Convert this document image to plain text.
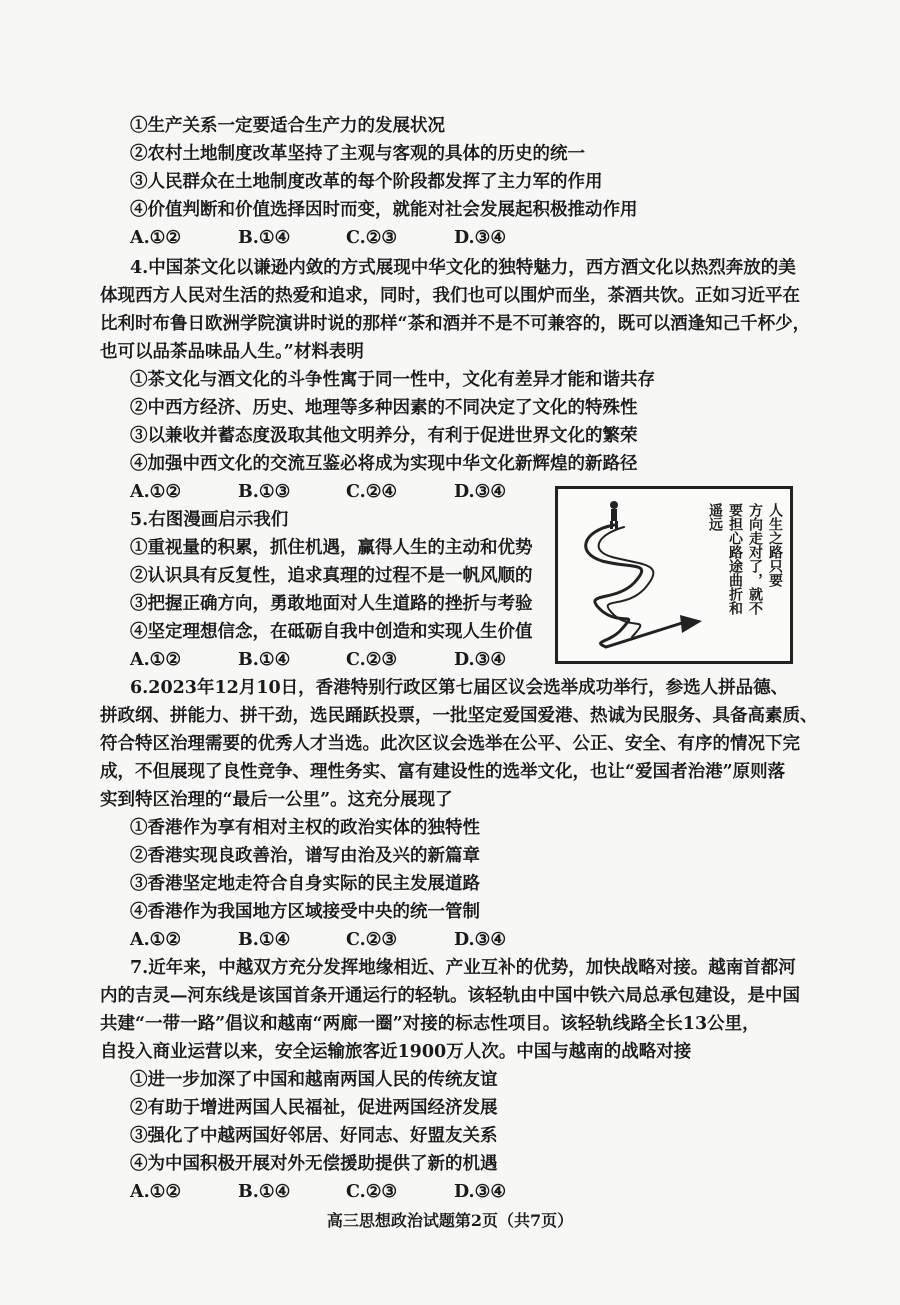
①生产关系一定要适合生产力的发展状况
②农村土地制度改革坚持了主观与客观的具体的历史的统一
③人民群众在土地制度改革的每个阶段都发挥了主力军的作用
④价值判断和价值选择因时而变，就能对社会发展起积极推动作用
A.①②	B.①④	C.②③	D.③④
4.中国茶文化以谦逊内敛的方式展现中华文化的独特魅力，西方酒文化以热烈奔放的美
体现西方人民对生活的热爱和追求，同时，我们也可以围炉而坐，茶酒共饮。正如习近平在
比利时布鲁日欧洲学院演讲时说的那样“茶和酒并不是不可兼容的，既可以酒逢知己千杯少，
也可以品茶品味品人生。”材料表明
①茶文化与酒文化的斗争性寓于同一性中，文化有差异才能和谐共存
②中西方经济、历史、地理等多种因素的不同决定了文化的特殊性
③以兼收并蓄态度汲取其他文明养分，有利于促进世界文化的繁荣
④加强中西文化的交流互鉴必将成为实现中华文化新辉煌的新路径
A.①②	B.①③	C.②④	D.③④
5.右图漫画启示我们
①重视量的积累，抓住机遇，赢得人生的主动和优势
②认识具有反复性，追求真理的过程不是一帆风顺的
③把握正确方向，勇敢地面对人生道路的挫折与考验
④坚定理想信念，在砥砺自我中创造和实现人生价值
A.①②	B.①④	C.②③	D.③④
人生之路只要
方向走对了，就不
要担心路途曲折和
遥远
6.2023年12月10日，香港特别行政区第七届区议会选举成功举行，参选人拼品德、
拼政纲、拼能力、拼干劲，选民踊跃投票，一批坚定爱国爱港、热诚为民服务、具备高素质、
符合特区治理需要的优秀人才当选。此次区议会选举在公平、公正、安全、有序的情况下完
成，不但展现了良性竞争、理性务实、富有建设性的选举文化，也让“爱国者治港”原则落
实到特区治理的“最后一公里”。这充分展现了
①香港作为享有相对主权的政治实体的独特性
②香港实现良政善治，谱写由治及兴的新篇章
③香港坚定地走符合自身实际的民主发展道路
④香港作为我国地方区域接受中央的统一管制
A.①②	B.①④	C.②③	D.③④
7.近年来，中越双方充分发挥地缘相近、产业互补的优势，加快战略对接。越南首都河
内的吉灵—河东线是该国首条开通运行的轻轨。该轻轨由中国中铁六局总承包建设，是中国
共建“一带一路”倡议和越南“两廊一圈”对接的标志性项目。该轻轨线路全长13公里，
自投入商业运营以来，安全运输旅客近1900万人次。中国与越南的战略对接
①进一步加深了中国和越南两国人民的传统友谊
②有助于增进两国人民福祉，促进两国经济发展
③强化了中越两国好邻居、好同志、好盟友关系
④为中国积极开展对外无偿援助提供了新的机遇
A.①②	B.①④	C.②③	D.③④
高三思想政治试题第2页（共7页）
